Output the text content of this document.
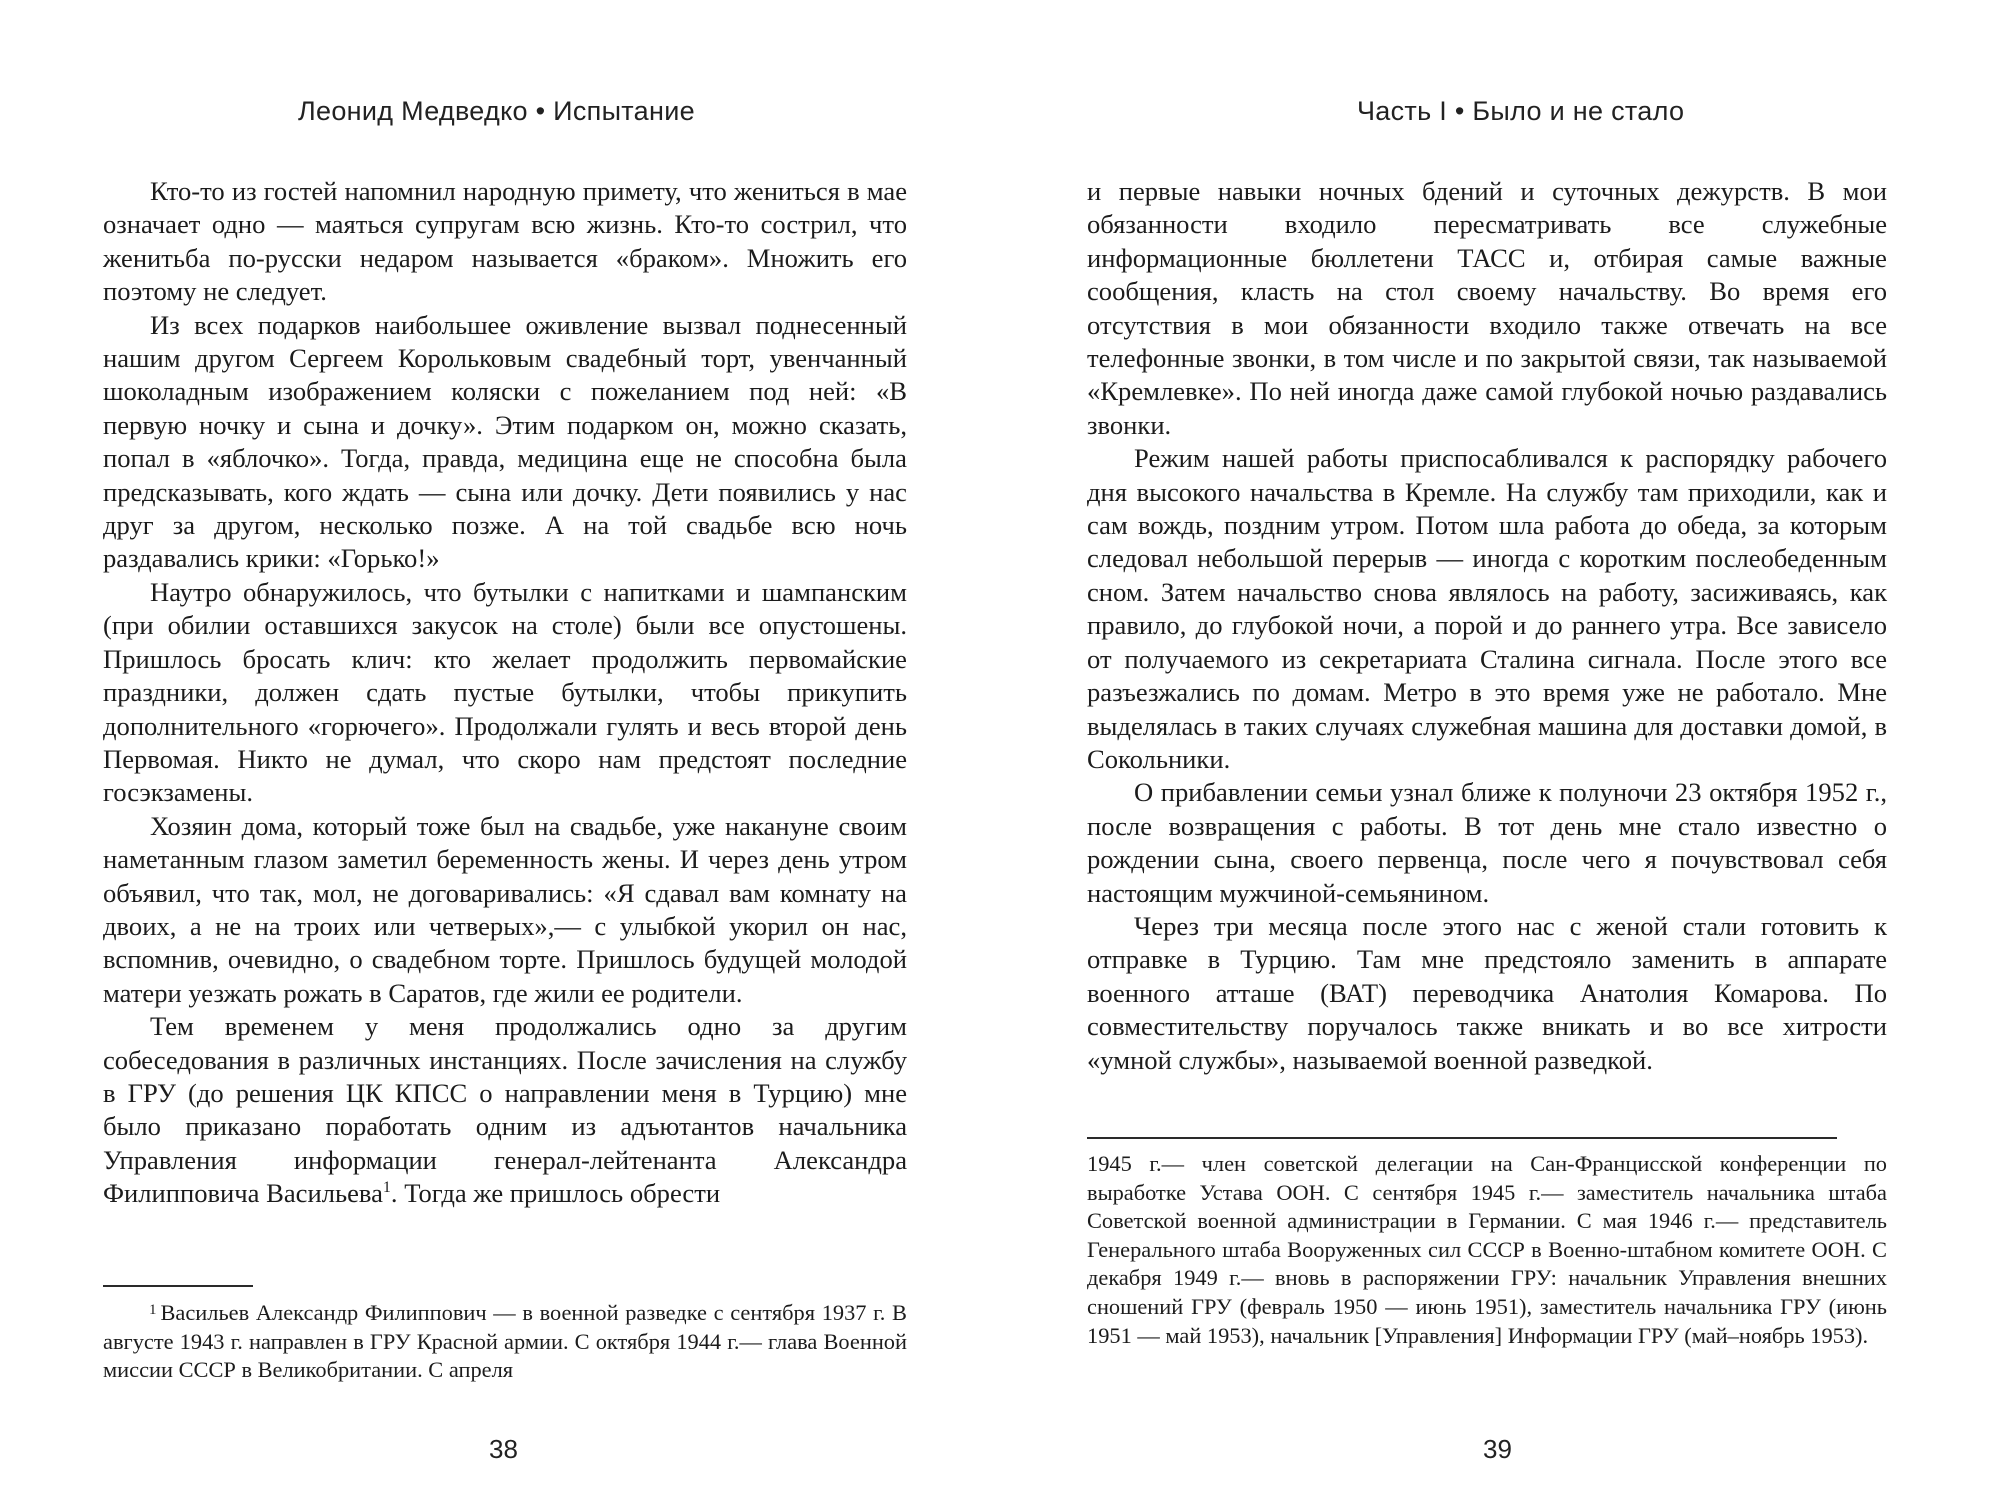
Леонид Медведко • Испытание

Кто-то из гостей напомнил народную примету, что жениться в мае означает одно — маяться супругам всю жизнь. Кто-то сострил, что женитьба по-русски недаром называется «браком». Множить его поэтому не следует.

Из всех подарков наибольшее оживление вызвал поднесенный нашим другом Сергеем Корольковым свадебный торт, увенчанный шоколадным изображением коляски с пожеланием под ней: «В первую ночку и сына и дочку». Этим подарком он, можно сказать, попал в «яблочко». Тогда, правда, медицина еще не способна была предсказывать, кого ждать — сына или дочку. Дети появились у нас друг за другом, несколько позже. А на той свадьбе всю ночь раздавались крики: «Горько!»

Наутро обнаружилось, что бутылки с напитками и шампанским (при обилии оставшихся закусок на столе) были все опустошены. Пришлось бросать клич: кто желает продолжить первомайские праздники, должен сдать пустые бутылки, чтобы прикупить дополнительного «горючего». Продолжали гулять и весь второй день Первомая. Никто не думал, что скоро нам предстоят последние госэкзамены.

Хозяин дома, который тоже был на свадьбе, уже накануне своим наметанным глазом заметил беременность жены. И через день утром объявил, что так, мол, не договаривались: «Я сдавал вам комнату на двоих, а не на троих или четверых»,— с улыбкой укорил он нас, вспомнив, очевидно, о свадебном торте. Пришлось будущей молодой матери уезжать рожать в Саратов, где жили ее родители.

Тем временем у меня продолжались одно за другим собеседования в различных инстанциях. После зачисления на службу в ГРУ (до решения ЦК КПСС о направлении меня в Турцию) мне было приказано поработать одним из адъютантов начальника Управления информации генерал-лейтенанта Александра Филипповича Васильева$^1$. Тогда же пришлось обрести

$^1$ Васильев Александр Филиппович — в военной разведке с сентября 1937 г. В августе 1943 г. направлен в ГРУ Красной армии. С октября 1944 г.— глава Военной миссии СССР в Великобритании. С апреля

38
Часть I • Было и не стало

и первые навыки ночных бдений и суточных дежурств. В мои обязанности входило пересматривать все служебные информационные бюллетени ТАСС и, отбирая самые важные сообщения, класть на стол своему начальству. Во время его отсутствия в мои обязанности входило также отвечать на все телефонные звонки, в том числе и по закрытой связи, так называемой «Кремлевке». По ней иногда даже самой глубокой ночью раздавались звонки.

Режим нашей работы приспосабливался к распорядку рабочего дня высокого начальства в Кремле. На службу там приходили, как и сам вождь, поздним утром. Потом шла работа до обеда, за которым следовал небольшой перерыв — иногда с коротким послеобеденным сном. Затем начальство снова являлось на работу, засиживаясь, как правило, до глубокой ночи, а порой и до раннего утра. Все зависело от получаемого из секретариата Сталина сигнала. После этого все разъезжались по домам. Метро в это время уже не работало. Мне выделялась в таких случаях служебная машина для доставки домой, в Сокольники.

О прибавлении семьи узнал ближе к полуночи 23 октября 1952 г., после возвращения с работы. В тот день мне стало известно о рождении сына, своего первенца, после чего я почувствовал себя настоящим мужчиной-семьянином.

Через три месяца после этого нас с женой стали готовить к отправке в Турцию. Там мне предстояло заменить в аппарате военного атташе (ВАТ) переводчика Анатолия Комарова. По совместительству поручалось также вникать и во все хитрости «умной службы», называемой военной разведкой.

1945 г.— член советской делегации на Сан-Францисской конференции по выработке Устава ООН. С сентября 1945 г.— заместитель начальника штаба Советской военной администрации в Германии. С мая 1946 г.— представитель Генерального штаба Вооруженных сил СССР в Военно-штабном комитете ООН. С декабря 1949 г.— вновь в распоряжении ГРУ: начальник Управления внешних сношений ГРУ (февраль 1950 — июнь 1951), заместитель начальника ГРУ (июнь 1951 — май 1953), начальник [Управления] Информации ГРУ (май–ноябрь 1953).

39
